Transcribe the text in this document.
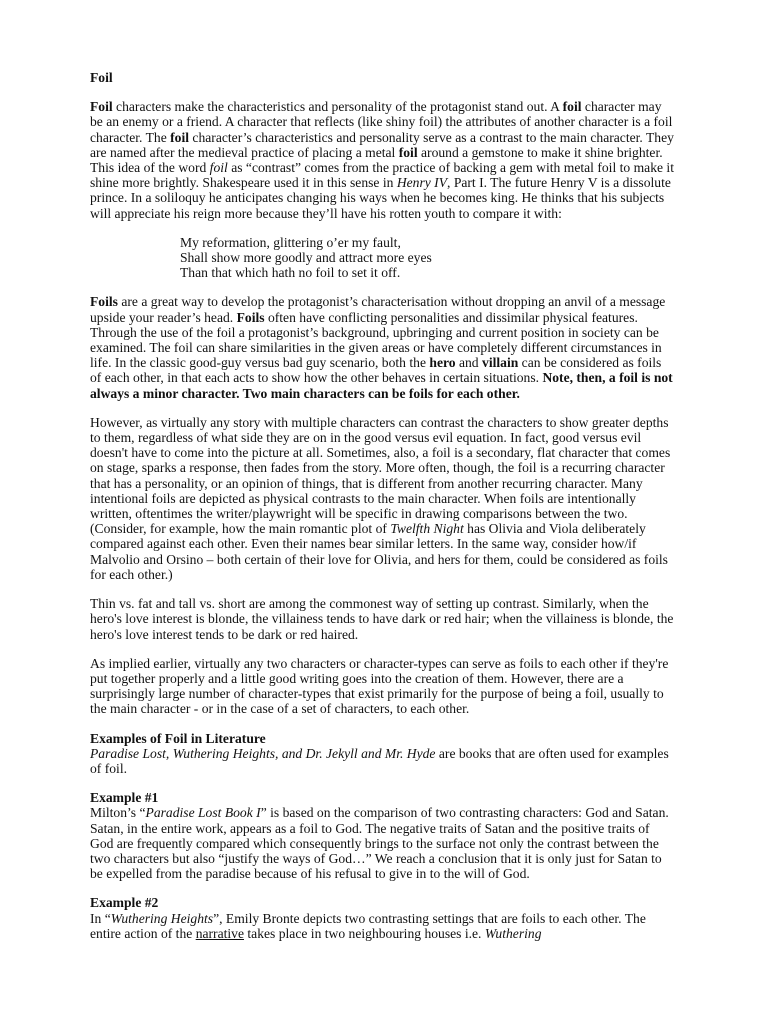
Foil

Foil characters make the characteristics and personality of the protagonist stand out. A foil character may be an enemy or a friend. A character that reflects (like shiny foil) the attributes of another character is a foil character. The foil character’s characteristics and personality serve as a contrast to the main character. They are named after the medieval practice of placing a metal foil around a gemstone to make it shine brighter. This idea of the word foil as “contrast” comes from the practice of backing a gem with metal foil to make it shine more brightly. Shakespeare used it in this sense in Henry IV, Part I. The future Henry V is a dissolute prince. In a soliloquy he anticipates changing his ways when he becomes king. He thinks that his subjects will appreciate his reign more because they’ll have his rotten youth to compare it with:

My reformation, glittering o’er my fault,
Shall show more goodly and attract more eyes
Than that which hath no foil to set it off.

Foils are a great way to develop the protagonist’s characterisation without dropping an anvil of a message upside your reader’s head. Foils often have conflicting personalities and dissimilar physical features. Through the use of the foil a protagonist’s background, upbringing and current position in society can be examined. The foil can share similarities in the given areas or have completely different circumstances in life. In the classic good-guy versus bad guy scenario, both the hero and villain can be considered as foils of each other, in that each acts to show how the other behaves in certain situations. Note, then, a foil is not always a minor character. Two main characters can be foils for each other.

However, as virtually any story with multiple characters can contrast the characters to show greater depths to them, regardless of what side they are on in the good versus evil equation. In fact, good versus evil doesn't have to come into the picture at all. Sometimes, also, a foil is a secondary, flat character that comes on stage, sparks a response, then fades from the story. More often, though, the foil is a recurring character that has a personality, or an opinion of things, that is different from another recurring character. Many intentional foils are depicted as physical contrasts to the main character. When foils are intentionally written, oftentimes the writer/playwright will be specific in drawing comparisons between the two. (Consider, for example, how the main romantic plot of Twelfth Night has Olivia and Viola deliberately compared against each other. Even their names bear similar letters. In the same way, consider how/if Malvolio and Orsino – both certain of their love for Olivia, and hers for them, could be considered as foils for each other.)

Thin vs. fat and tall vs. short are among the commonest way of setting up contrast. Similarly, when the hero's love interest is blonde, the villainess tends to have dark or red hair; when the villainess is blonde, the hero's love interest tends to be dark or red haired.

As implied earlier, virtually any two characters or character-types can serve as foils to each other if they're put together properly and a little good writing goes into the creation of them. However, there are a surprisingly large number of character-types that exist primarily for the purpose of being a foil, usually to the main character - or in the case of a set of characters, to each other.

Examples of Foil in Literature
Paradise Lost, Wuthering Heights, and Dr. Jekyll and Mr. Hyde are books that are often used for examples of foil.

Example #1
Milton’s “Paradise Lost Book I” is based on the comparison of two contrasting characters: God and Satan. Satan, in the entire work, appears as a foil to God. The negative traits of Satan and the positive traits of God are frequently compared which consequently brings to the surface not only the contrast between the two characters but also “justify the ways of God…” We reach a conclusion that it is only just for Satan to be expelled from the paradise because of his refusal to give in to the will of God.

Example #2
In “Wuthering Heights”, Emily Bronte depicts two contrasting settings that are foils to each other. The entire action of the narrative takes place in two neighbouring houses i.e. Wuthering
